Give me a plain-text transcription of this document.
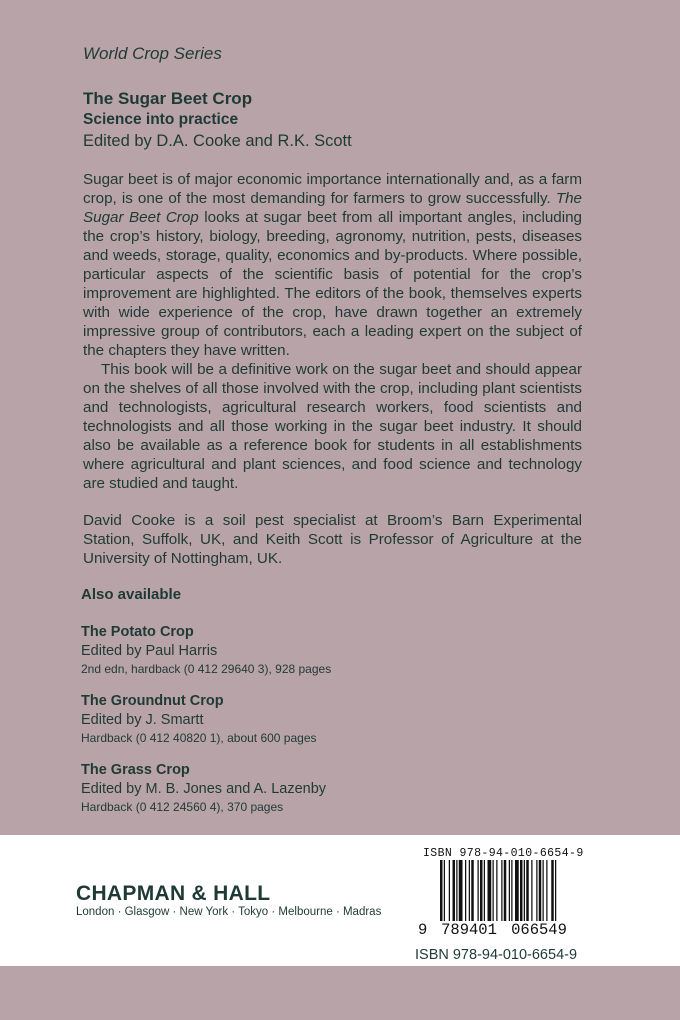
World Crop Series
The Sugar Beet Crop
Science into practice
Edited by D.A. Cooke and R.K. Scott

Sugar beet is of major economic importance internationally and, as a farm crop, is one of the most demanding for farmers to grow successfully. The Sugar Beet Crop looks at sugar beet from all important angles, including the crop’s history, biology, breeding, agronomy, nutrition, pests, diseases and weeds, storage, quality, economics and by-products. Where possible, particular aspects of the scientific basis of potential for the crop’s improvement are highlighted. The editors of the book, themselves experts with wide experience of the crop, have drawn together an extremely impressive group of contributors, each a leading expert on the subject of the chapters they have written.

This book will be a definitive work on the sugar beet and should appear on the shelves of all those involved with the crop, including plant scientists and technologists, agricultural research workers, food scientists and technologists and all those working in the sugar beet industry. It should also be available as a reference book for students in all establishments where agricultural and plant sciences, and food science and technology are studied and taught.

David Cooke is a soil pest specialist at Broom’s Barn Experimental Station, Suffolk, UK, and Keith Scott is Professor of Agriculture at the University of Nottingham, UK.
Also available
The Potato Crop
Edited by Paul Harris
2nd edn, hardback (0 412 29640 3), 928 pages
The Groundnut Crop
Edited by J. Smartt
Hardback (0 412 40820 1), about 600 pages
The Grass Crop
Edited by M. B. Jones and A. Lazenby
Hardback (0 412 24560 4), 370 pages
CHAPMAN & HALL
London · Glasgow · New York · Tokyo · Melbourne · Madras
ISBN 978-94-010-6654-9
9 789401 066549
ISBN 978-94-010-6654-9
